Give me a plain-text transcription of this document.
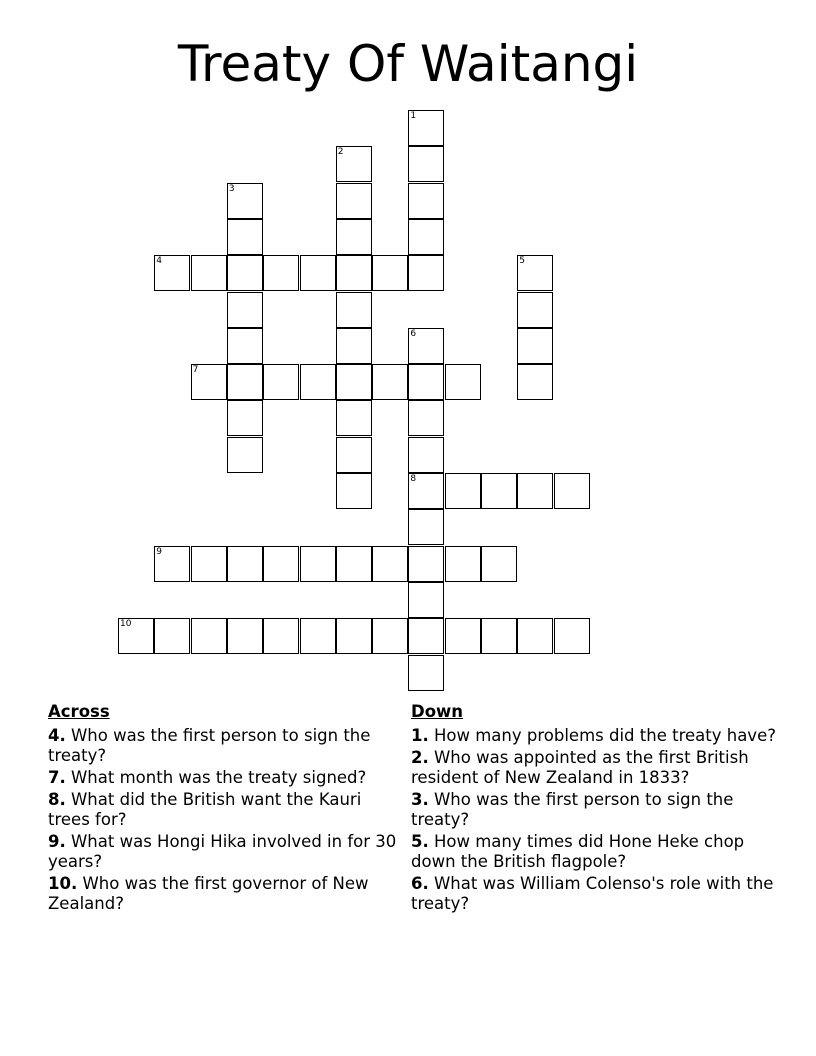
Treaty Of Waitangi
1
2
3
4	5
6
8
7
9
10
Across
4. Who was the first person to sign the treaty?
7. What month was the treaty signed?
8. What did the British want the Kauri trees for?
9. What was Hongi Hika involved in for 30 years?
10. Who was the first governor of New Zealand?
Down
1. How many problems did the treaty have?
2. Who was appointed as the first British resident of New Zealand in 1833?
3. Who was the first person to sign the treaty?
5. How many times did Hone Heke chop down the British flagpole?
6. What was William Colenso's role with the treaty?
